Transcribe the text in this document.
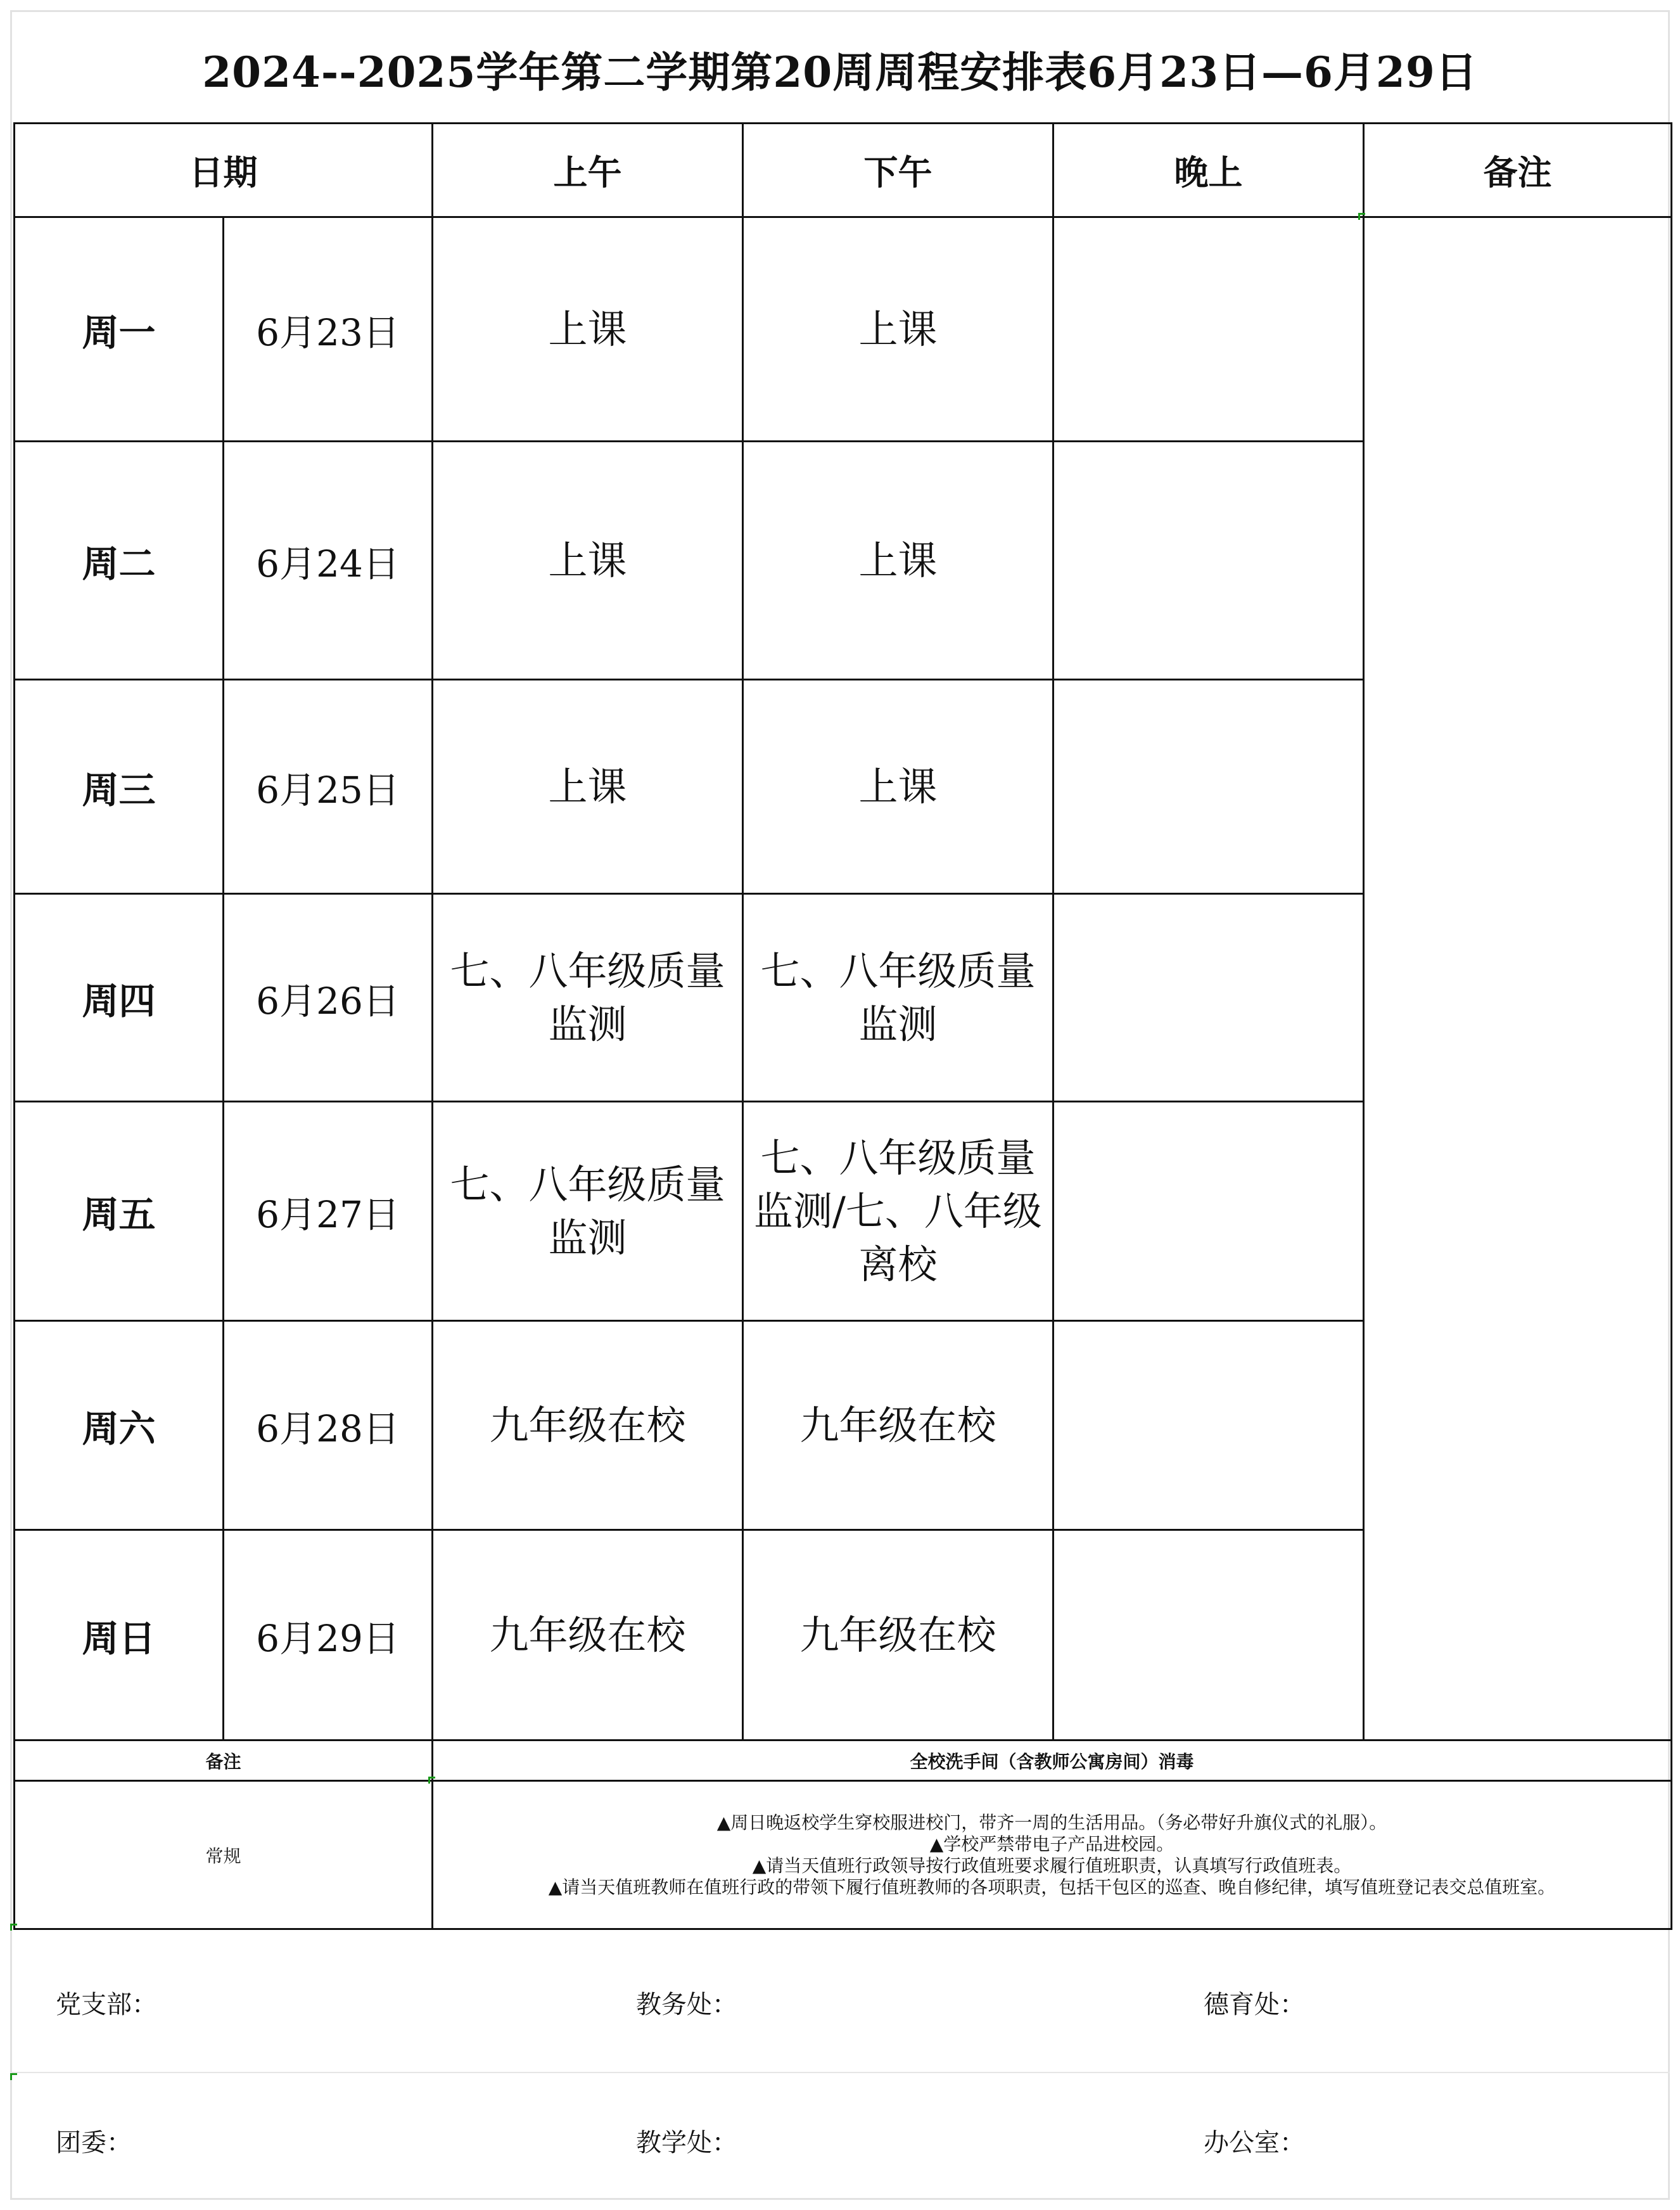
2024--2025学年第二学期第20周周程安排表6月23日—6月29日
日期		上午	下午	晚上	备注
周一	6月23日	上课	上课		
周二	6月24日	上课	上课		
周三	6月25日	上课	上课		
周四	6月26日	七、八年级质量监测	七、八年级质量监测		
周五	6月27日	七、八年级质量监测	七、八年级质量监测/七、八年级离校		
周六	6月28日	九年级在校	九年级在校		
周日	6月29日	九年级在校	九年级在校		
备注		全校洗手间（含教师公寓房间）消毒			
常规		▲周日晚返校学生穿校服进校门，带齐一周的生活用品。（务必带好升旗仪式的礼服）。
▲学校严禁带电子产品进校园。
▲请当天值班行政领导按行政值班要求履行值班职责，认真填写行政值班表。
▲请当天值班教师在值班行政的带领下履行值班教师的各项职责，包括干包区的巡查、晚自修纪律，填写值班登记表交总值班室。			
党支部：	教务处：	德育处：
团委：	教学处：	办公室：
